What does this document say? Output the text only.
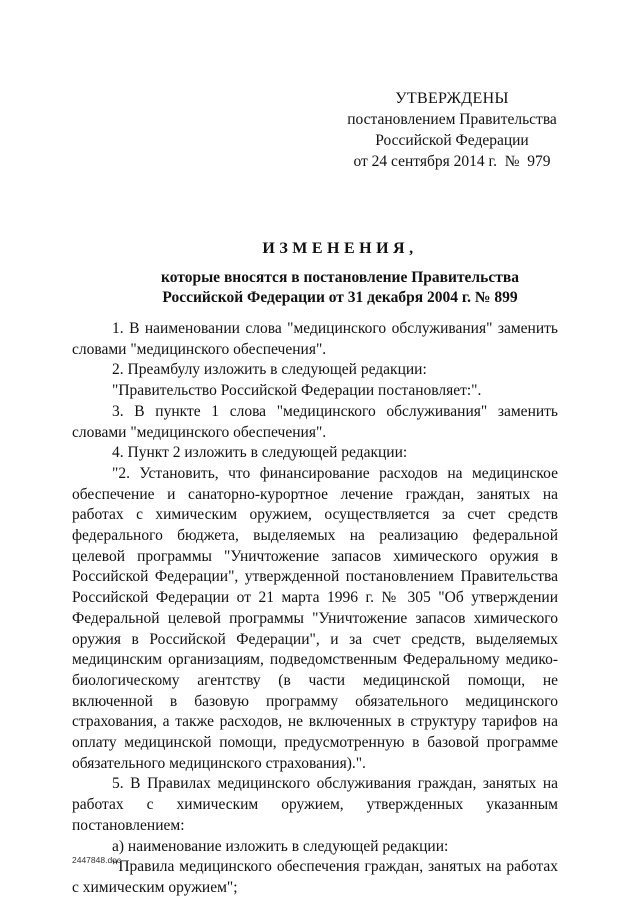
УТВЕРЖДЕНЫ
постановлением Правительства
Российской Федерации
от 24 сентября 2014 г.  №  979
ИЗМЕНЕНИЯ,
которые вносятся в постановление Правительства
Российской Федерации от 31 декабря 2004 г. № 899

1. В наименовании слова "медицинского обслуживания" заменить словами "медицинского обеспечения".

2. Преамбулу изложить в следующей редакции:

"Правительство Российской Федерации постановляет:".

3. В пункте 1 слова "медицинского обслуживания" заменить словами "медицинского обеспечения".

4. Пункт 2 изложить в следующей редакции:

"2. Установить, что финансирование расходов на медицинское обеспечение и санаторно-курортное лечение граждан, занятых на работах с химическим оружием, осуществляется за счет средств федерального бюджета, выделяемых на реализацию федеральной целевой программы "Уничтожение запасов химического оружия в Российской Федерации", утвержденной постановлением Правительства Российской Федерации от 21 марта 1996 г. № 305 "Об утверждении Федеральной целевой программы "Уничтожение запасов химического оружия в Российской Федерации", и за счет средств, выделяемых медицинским организациям, подведомственным Федеральному медико-биологическому агентству (в части медицинской помощи, не включенной в базовую программу обязательного медицинского страхования, а также расходов, не включенных в структуру тарифов на оплату медицинской помощи, предусмотренную в базовой программе обязательного медицинского страхования).".

5. В Правилах медицинского обслуживания граждан, занятых на работах с химическим оружием, утвержденных указанным постановлением:

а) наименование изложить в следующей редакции:

"Правила медицинского обеспечения граждан, занятых на работах с химическим оружием";

2447848.doc
